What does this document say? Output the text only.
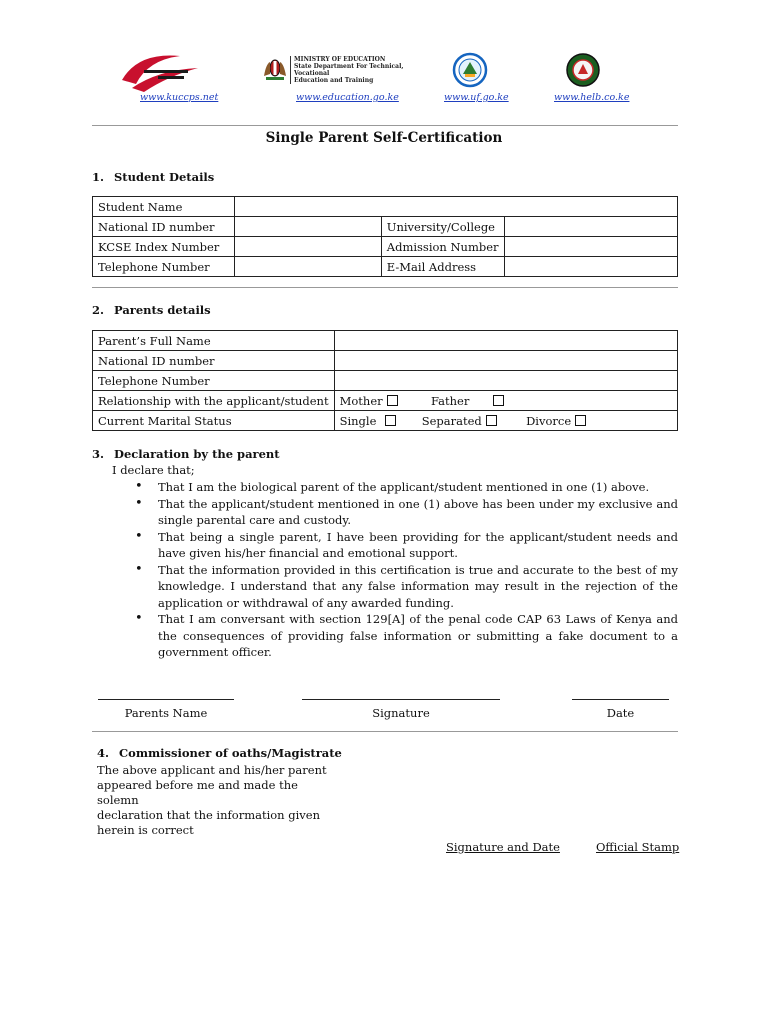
www.kuccps.net
MINISTRY OF EDUCATION
State Department For Technical, Vocational
Education and Training
www.education.go.ke	www.uf.go.ke	www.helb.co.ke
Single Parent Self-Certification
1. Student Details
Student Name			
National ID number		University/College	
KCSE Index Number		Admission Number	
Telephone Number		E-Mail Address	
2. Parents details
Parent’s Full Name	
National ID number	
Telephone Number	
Relationship with the applicant/student	Mother Father
Current Marital Status	Single Separated Divorce
3. Declaration by the parent
I declare that;
• That I am the biological parent of the applicant/student mentioned in one (1) above.
• That the applicant/student mentioned in one (1) above has been under my exclusive and single parental care and custody.
• That being a single parent, I have been providing for the applicant/student needs and have given his/her financial and emotional support.
• That the information provided in this certification is true and accurate to the best of my knowledge. I understand that any false information may result in the rejection of the application or withdrawal of any awarded funding.
• That I am conversant with section 129[A] of the penal code CAP 63 Laws of Kenya and the consequences of providing false information or submitting a fake document to a government officer.
Parents Name	Signature	Date
4. Commissioner of oaths/Magistrate
The above applicant and his/her parent
appeared before me and made the solemn
declaration that the information given
herein is correct
Signature and Date	Official Stamp
